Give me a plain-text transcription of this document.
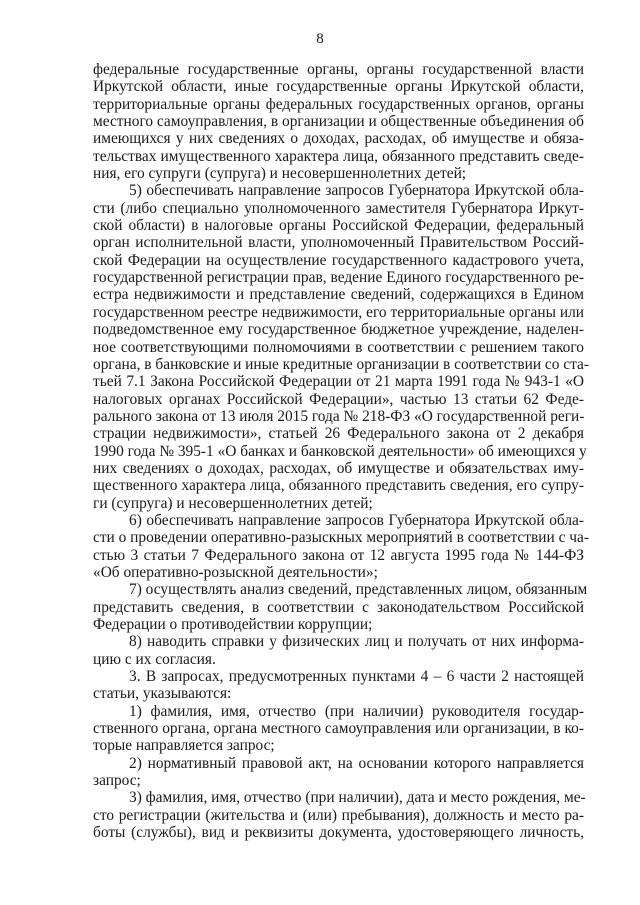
8
федеральные государственные органы, органы государственной власти
Иркутской области, иные государственные органы Иркутской области,
территориальные органы федеральных государственных органов, органы
местного самоуправления, в организации и общественные объединения об
имеющихся у них сведениях о доходах, расходах, об имуществе и обяза-
тельствах имущественного характера лица, обязанного представить сведе-
ния, его супруги (супруга) и несовершеннолетних детей;
5) обеспечивать направление запросов Губернатора Иркутской обла-
сти (либо специально уполномоченного заместителя Губернатора Иркут-
ской области) в налоговые органы Российской Федерации, федеральный
орган исполнительной власти, уполномоченный Правительством Россий-
ской Федерации на осуществление государственного кадастрового учета,
государственной регистрации прав, ведение Единого государственного ре-
естра недвижимости и представление сведений, содержащихся в Едином
государственном реестре недвижимости, его территориальные органы или
подведомственное ему государственное бюджетное учреждение, наделен-
ное соответствующими полномочиями в соответствии с решением такого
органа, в банковские и иные кредитные организации в соответствии со ста-
тьей 7.1 Закона Российской Федерации от 21 марта 1991 года № 943-1 «О
налоговых органах Российской Федерации», частью 13 статьи 62 Феде-
рального закона от 13 июля 2015 года № 218-ФЗ «О государственной реги-
страции недвижимости», статьей 26 Федерального закона от 2 декабря
1990 года № 395-1 «О банках и банковской деятельности» об имеющихся у
них сведениях о доходах, расходах, об имуществе и обязательствах иму-
щественного характера лица, обязанного представить сведения, его супру-
ги (супруга) и несовершеннолетних детей;
6) обеспечивать направление запросов Губернатора Иркутской обла-
сти о проведении оперативно-разыскных мероприятий в соответствии с ча-
стью 3 статьи 7 Федерального закона от 12 августа 1995 года № 144-ФЗ
«Об оперативно-розыскной деятельности»;
7) осуществлять анализ сведений, представленных лицом, обязанным
представить сведения, в соответствии с законодательством Российской
Федерации о противодействии коррупции;
8) наводить справки у физических лиц и получать от них информа-
цию с их согласия.
3. В запросах, предусмотренных пунктами 4 – 6 части 2 настоящей
статьи, указываются:
1) фамилия, имя, отчество (при наличии) руководителя государ-
ственного органа, органа местного самоуправления или организации, в ко-
торые направляется запрос;
2) нормативный правовой акт, на основании которого направляется
запрос;
3) фамилия, имя, отчество (при наличии), дата и место рождения, ме-
сто регистрации (жительства и (или) пребывания), должность и место ра-
боты (службы), вид и реквизиты документа, удостоверяющего личность,
